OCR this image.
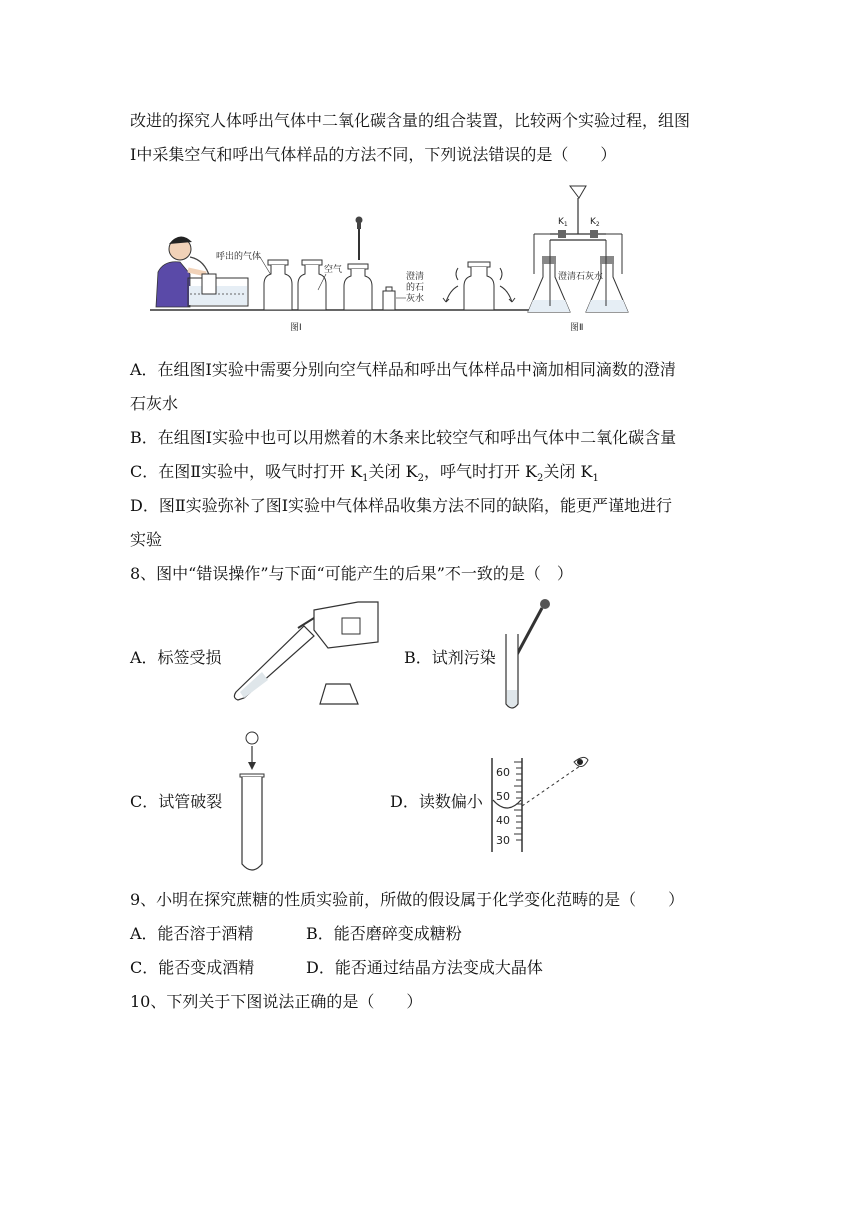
改进的探究人体呼出气体中二氧化碳含量的组合装置，比较两个实验过程，组图
Ⅰ中采集空气和呼出气体样品的方法不同，下列说法错误的是（　　）
呼出的气体
空气
澄清
的石
灰水
图Ⅰ
$K_1$ $K_2$
澄清石灰水
图Ⅱ
A．在组图Ⅰ实验中需要分别向空气样品和呼出气体样品中滴加相同滴数的澄清
石灰水
B．在组图Ⅰ实验中也可以用燃着的木条来比较空气和呼出气体中二氧化碳含量
C．在图Ⅱ实验中，吸气时打开 $K_1$关闭 $K_2$，呼气时打开 $K_2$关闭 $K_1$
D．图Ⅱ实验弥补了图Ⅰ实验中气体样品收集方法不同的缺陷，能更严谨地进行
实验
8、图中“错误操作”与下面“可能产生的后果”不一致的是（　）
A．标签受损	B．试剂污染
C．试管破裂	D．读数偏小
60
50
40
30
9、小明在探究蔗糖的性质实验前，所做的假设属于化学变化范畴的是（　　）
A．能否溶于酒精	B．能否磨碎变成糖粉
C．能否变成酒精	D．能否通过结晶方法变成大晶体
10、下列关于下图说法正确的是（　　）
